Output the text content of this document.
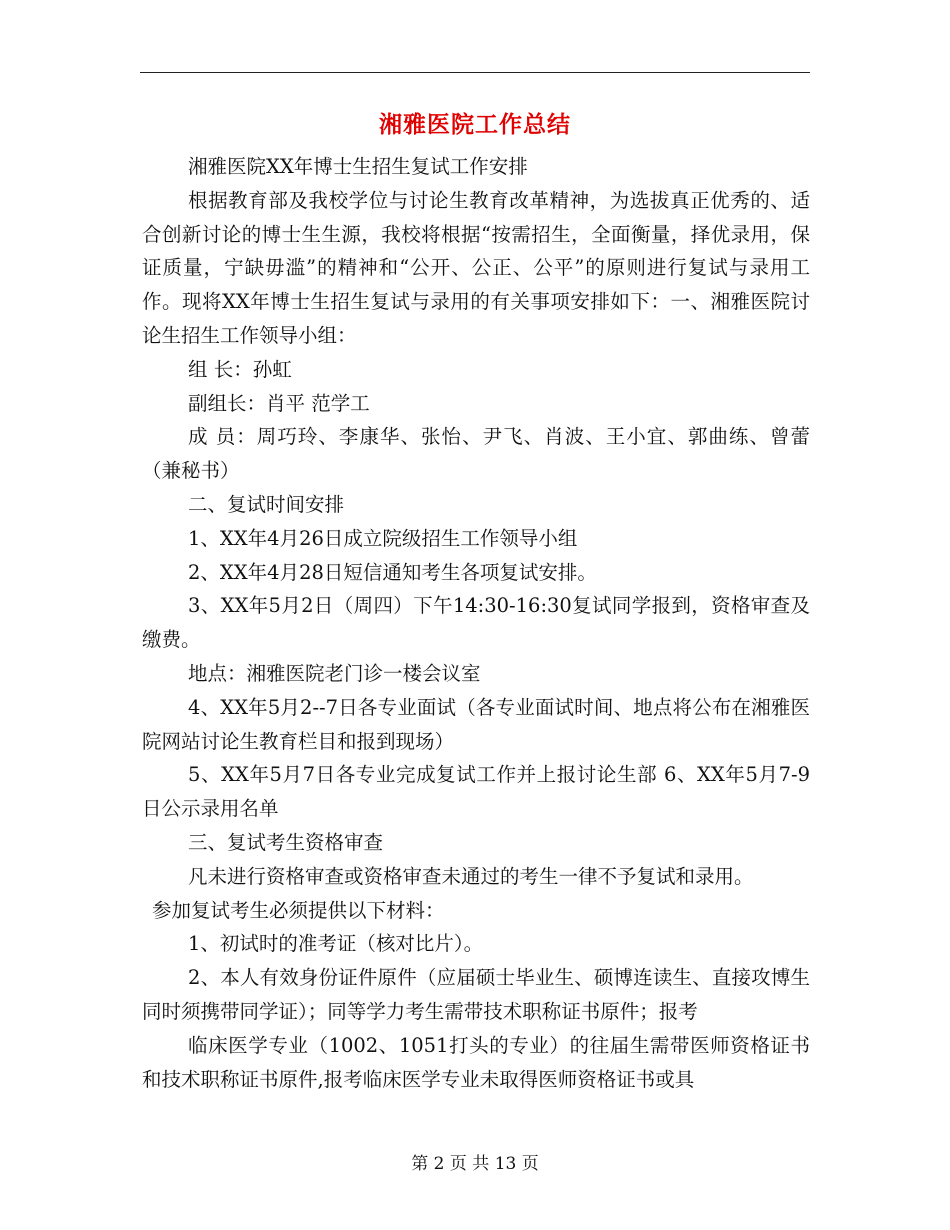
湘雅医院工作总结

湘雅医院XX年博士生招生复试工作安排

根据教育部及我校学位与讨论生教育改革精神，为选拔真正优秀的、适合创新讨论的博士生生源，我校将根据“按需招生，全面衡量，择优录用，保证质量，宁缺毋滥”的精神和“公开、公正、公平”的原则进行复试与录用工作。现将XX年博士生招生复试与录用的有关事项安排如下：一、湘雅医院讨论生招生工作领导小组：

组 长：孙虹

副组长：肖平 范学工

成 员：周巧玲、李康华、张怡、尹飞、肖波、王小宜、郭曲练、曾蕾（兼秘书）

二、复试时间安排

1、XX年4月26日成立院级招生工作领导小组

2、XX年4月28日短信通知考生各项复试安排。

3、XX年5月2日（周四）下午14:30-16:30复试同学报到，资格审查及缴费。

地点：湘雅医院老门诊一楼会议室

4、XX年5月2--7日各专业面试（各专业面试时间、地点将公布在湘雅医院网站讨论生教育栏目和报到现场）

5、XX年5月7日各专业完成复试工作并上报讨论生部 6、XX年5月7-9日公示录用名单

三、复试考生资格审查

凡未进行资格审查或资格审查未通过的考生一律不予复试和录用。

参加复试考生必须提供以下材料：

1、初试时的准考证（核对比片）。

2、本人有效身份证件原件（应届硕士毕业生、硕博连读生、直接攻博生同时须携带同学证）；同等学力考生需带技术职称证书原件；报考

临床医学专业（1002、1051打头的专业）的往届生需带医师资格证书和技术职称证书原件,报考临床医学专业未取得医师资格证书或具

第 2 页 共 13 页
